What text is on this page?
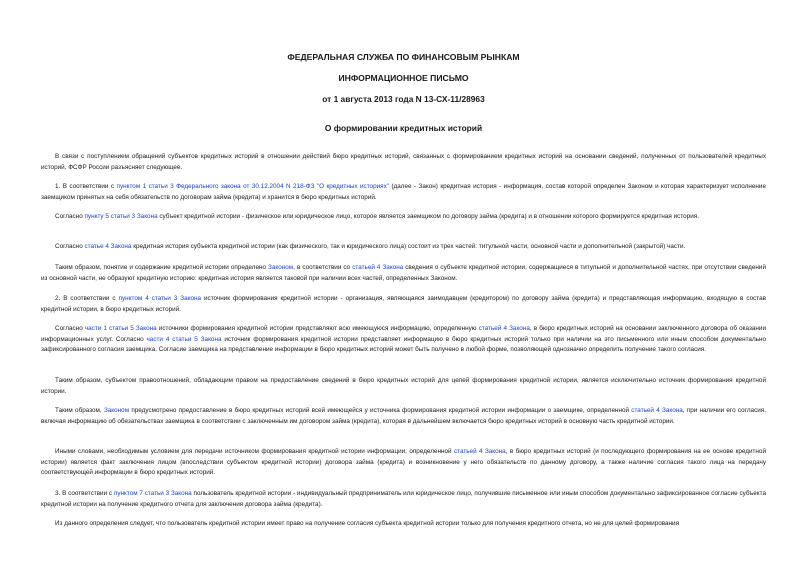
ФЕДЕРАЛЬНАЯ СЛУЖБА ПО ФИНАНСОВЫМ РЫНКАМ
ИНФОРМАЦИОННОЕ ПИСЬМО
от 1 августа 2013 года N 13-СХ-11/28963
О формировании кредитных историй

В связи с поступлением обращений субъектов кредитных историй в отношении действий бюро кредитных историй, связанных с формированием кредитных историй на основании сведений, полученных от пользователей кредитных историй, ФСФР России разъясняет следующее.

1. В соответствии с пунктом 1 статьи 3 Федерального закона от 30.12.2004 N 218-ФЗ "О кредитных историях" (далее - Закон) кредитная история - информация, состав которой определен Законом и которая характеризует исполнение заемщиком принятых на себя обязательств по договорам займа (кредита) и хранится в бюро кредитных историй.

Согласно пункту 5 статьи 3 Закона субъект кредитной истории - физическое или юридическое лицо, которое является заемщиком по договору займа (кредита) и в отношении которого формируется кредитная история.

Согласно статье 4 Закона кредитная история субъекта кредитной истории (как физического, так и юридического лица) состоит из трех частей: титульной части, основной части и дополнительной (закрытой) части.

Таким образом, понятие и содержание кредитной истории определено Законом, в соответствии со статьей 4 Закона сведения о субъекте кредитной истории, содержащиеся в титульной и дополнительной частях, при отсутствии сведений из основной части, не образуют кредитную историю: кредитная история является таковой при наличии всех частей, определенных Законом.

2. В соответствии с пунктом 4 статьи 3 Закона источник формирования кредитной истории - организация, являющаяся заимодавцем (кредитором) по договору займа (кредита) и представляющая информацию, входящую в состав кредитной истории, в бюро кредитных историй.

Согласно части 1 статьи 5 Закона источники формирования кредитной истории представляют всю имеющуюся информацию, определенную статьей 4 Закона, в бюро кредитных историй на основании заключенного договора об оказании информационных услуг. Согласно части 4 статьи 5 Закона источник формирования кредитной истории представляет информацию в бюро кредитных историй только при наличии на это письменного или иным способом документально зафиксированного согласия заемщика. Согласие заемщика на представление информации в бюро кредитных историй может быть получено в любой форме, позволяющей однозначно определить получение такого согласия.

Таким образом, субъектом правоотношений, обладающим правом на предоставление сведений в бюро кредитных историй для целей формирования кредитной истории, является исключительно источник формирования кредитной истории.

Таким образом, Законом предусмотрено предоставление в бюро кредитных историй всей имеющейся у источника формирования кредитной истории информации о заемщике, определенной статьей 4 Закона, при наличии его согласия, включая информацию об обязательствах заемщика в соответствии с заключенным им договором займа (кредита), которая в дальнейшем включается бюро кредитных историй в основную часть кредитной истории.

Иными словами, необходимым условием для передачи источником формирования кредитной истории информации, определенной статьей 4 Закона, в бюро кредитных историй (и последующего формирования на ее основе кредитной истории) является факт заключения лицом (впоследствии субъектом кредитной истории) договора займа (кредита) и возникновение у него обязательств по данному договору, а также наличие согласия такого лица на передачу соответствующей информации в бюро кредитных историй.

3. В соответствии с пунктом 7 статьи 3 Закона пользователь кредитной истории - индивидуальный предприниматель или юридическое лицо, получившие письменное или иным способом документально зафиксированное согласие субъекта кредитной истории на получение кредитного отчета для заключения договора займа (кредита).

Из данного определения следует, что пользователь кредитной истории имеет право на получение согласия субъекта кредитной истории только для получения кредитного отчета, но не для целей формирования
